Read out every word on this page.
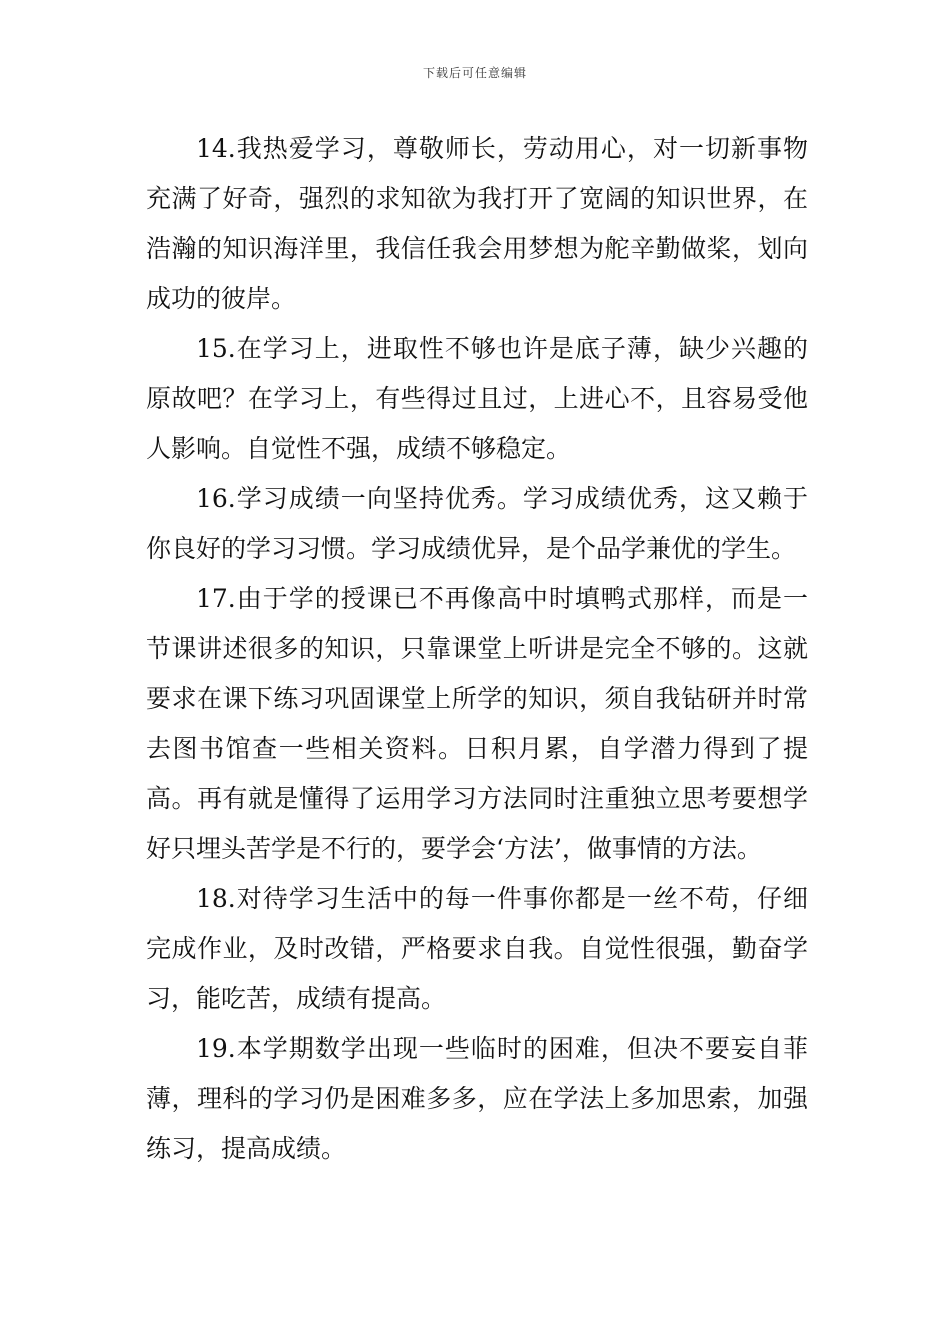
下载后可任意编辑

14.我热爱学习，尊敬师长，劳动用心，对一切新事物充满了好奇，强烈的求知欲为我打开了宽阔的知识世界，在浩瀚的知识海洋里，我信任我会用梦想为舵辛勤做桨，划向成功的彼岸。

15.在学习上，进取性不够也许是底子薄，缺少兴趣的原故吧？在学习上，有些得过且过，上进心不，且容易受他人影响。自觉性不强，成绩不够稳定。

16.学习成绩一向坚持优秀。学习成绩优秀，这又赖于你良好的学习习惯。学习成绩优异，是个品学兼优的学生。

17.由于学的授课已不再像高中时填鸭式那样，而是一节课讲述很多的知识，只靠课堂上听讲是完全不够的。这就要求在课下练习巩固课堂上所学的知识，须自我钻研并时常去图书馆查一些相关资料。日积月累，自学潜力得到了提高。再有就是懂得了运用学习方法同时注重独立思考要想学好只埋头苦学是不行的，要学会‘方法’，做事情的方法。

18.对待学习生活中的每一件事你都是一丝不苟，仔细完成作业，及时改错，严格要求自我。自觉性很强，勤奋学习，能吃苦，成绩有提高。

19.本学期数学出现一些临时的困难，但决不要妄自菲薄，理科的学习仍是困难多多，应在学法上多加思索，加强练习，提高成绩。
